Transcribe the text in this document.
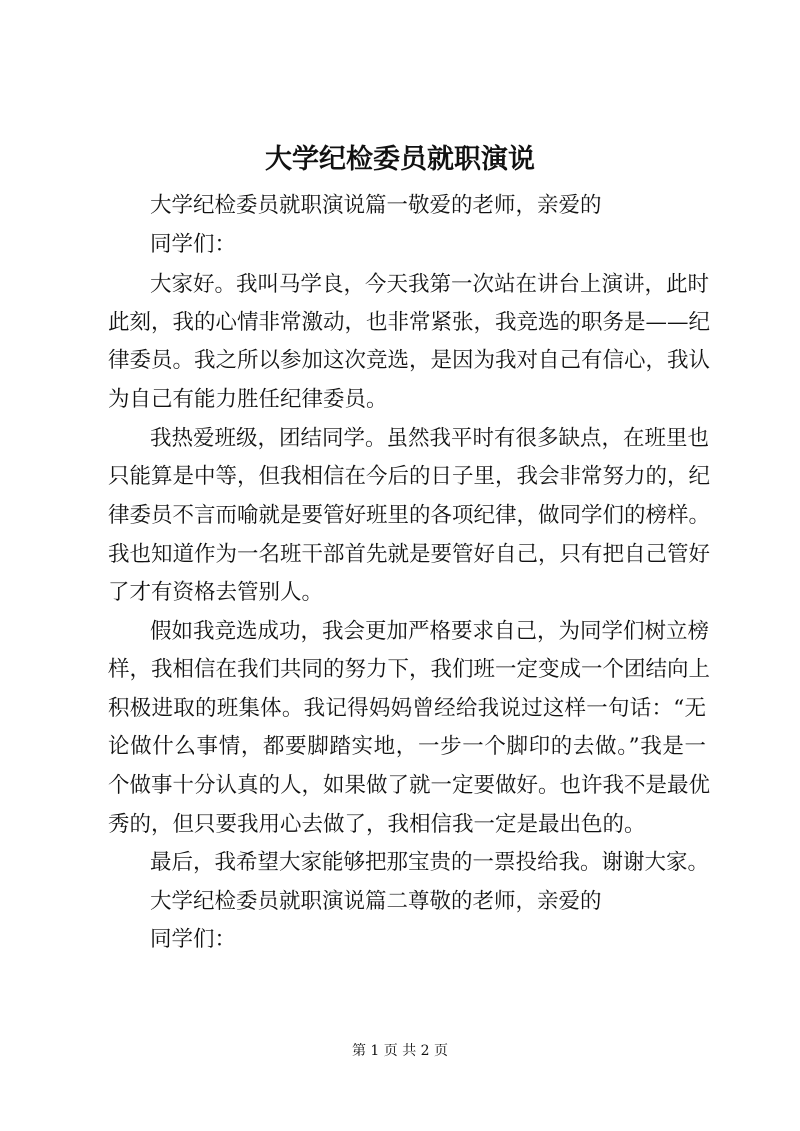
大学纪检委员就职演说

大学纪检委员就职演说篇一敬爱的老师，亲爱的

同学们：

大家好。我叫马学良，今天我第一次站在讲台上演讲，此时

此刻，我的心情非常激动，也非常紧张，我竞选的职务是——纪

律委员。我之所以参加这次竞选，是因为我对自己有信心，我认

为自己有能力胜任纪律委员。

我热爱班级，团结同学。虽然我平时有很多缺点，在班里也

只能算是中等，但我相信在今后的日子里，我会非常努力的，纪

律委员不言而喻就是要管好班里的各项纪律，做同学们的榜样。

我也知道作为一名班干部首先就是要管好自己，只有把自己管好

了才有资格去管别人。

假如我竞选成功，我会更加严格要求自己，为同学们树立榜

样，我相信在我们共同的努力下，我们班一定变成一个团结向上

积极进取的班集体。我记得妈妈曾经给我说过这样一句话：“无

论做什么事情，都要脚踏实地，一步一个脚印的去做。”我是一

个做事十分认真的人，如果做了就一定要做好。也许我不是最优

秀的，但只要我用心去做了，我相信我一定是最出色的。

最后，我希望大家能够把那宝贵的一票投给我。谢谢大家。

大学纪检委员就职演说篇二尊敬的老师，亲爱的

同学们：

第 1 页 共 2 页
